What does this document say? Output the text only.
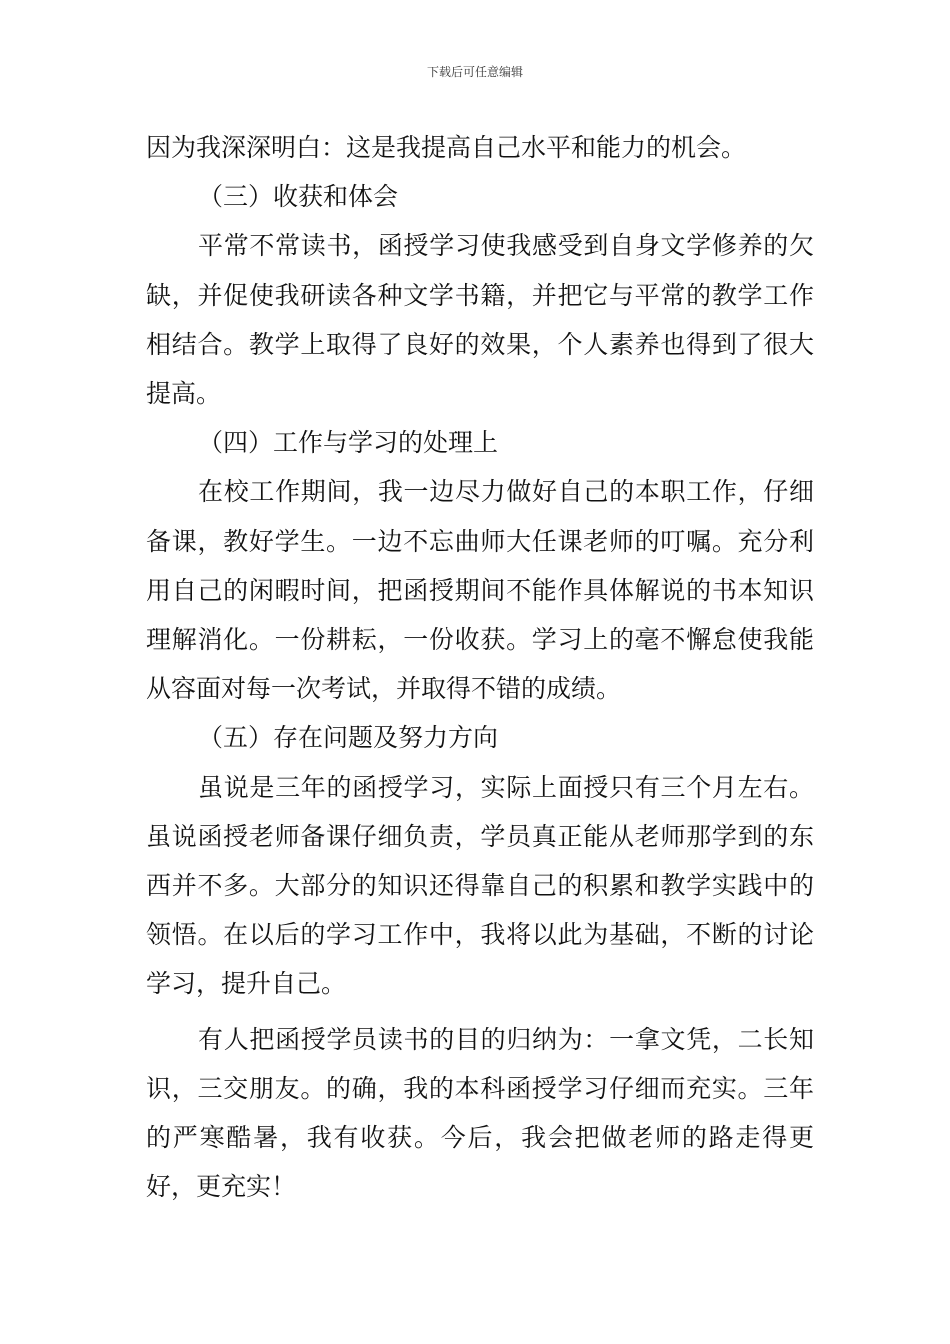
下载后可任意编辑

因为我深深明白：这是我提高自己水平和能力的机会。

（三）收获和体会

平常不常读书，函授学习使我感受到自身文学修养的欠缺，并促使我研读各种文学书籍，并把它与平常的教学工作相结合。教学上取得了良好的效果，个人素养也得到了很大提高。

（四）工作与学习的处理上

在校工作期间，我一边尽力做好自己的本职工作，仔细备课，教好学生。一边不忘曲师大任课老师的叮嘱。充分利用自己的闲暇时间，把函授期间不能作具体解说的书本知识理解消化。一份耕耘，一份收获。学习上的毫不懈怠使我能从容面对每一次考试，并取得不错的成绩。

（五）存在问题及努力方向

虽说是三年的函授学习，实际上面授只有三个月左右。虽说函授老师备课仔细负责，学员真正能从老师那学到的东西并不多。大部分的知识还得靠自己的积累和教学实践中的领悟。在以后的学习工作中，我将以此为基础，不断的讨论学习，提升自己。

有人把函授学员读书的目的归纳为：一拿文凭，二长知识，三交朋友。的确，我的本科函授学习仔细而充实。三年的严寒酷暑，我有收获。今后，我会把做老师的路走得更好，更充实！
